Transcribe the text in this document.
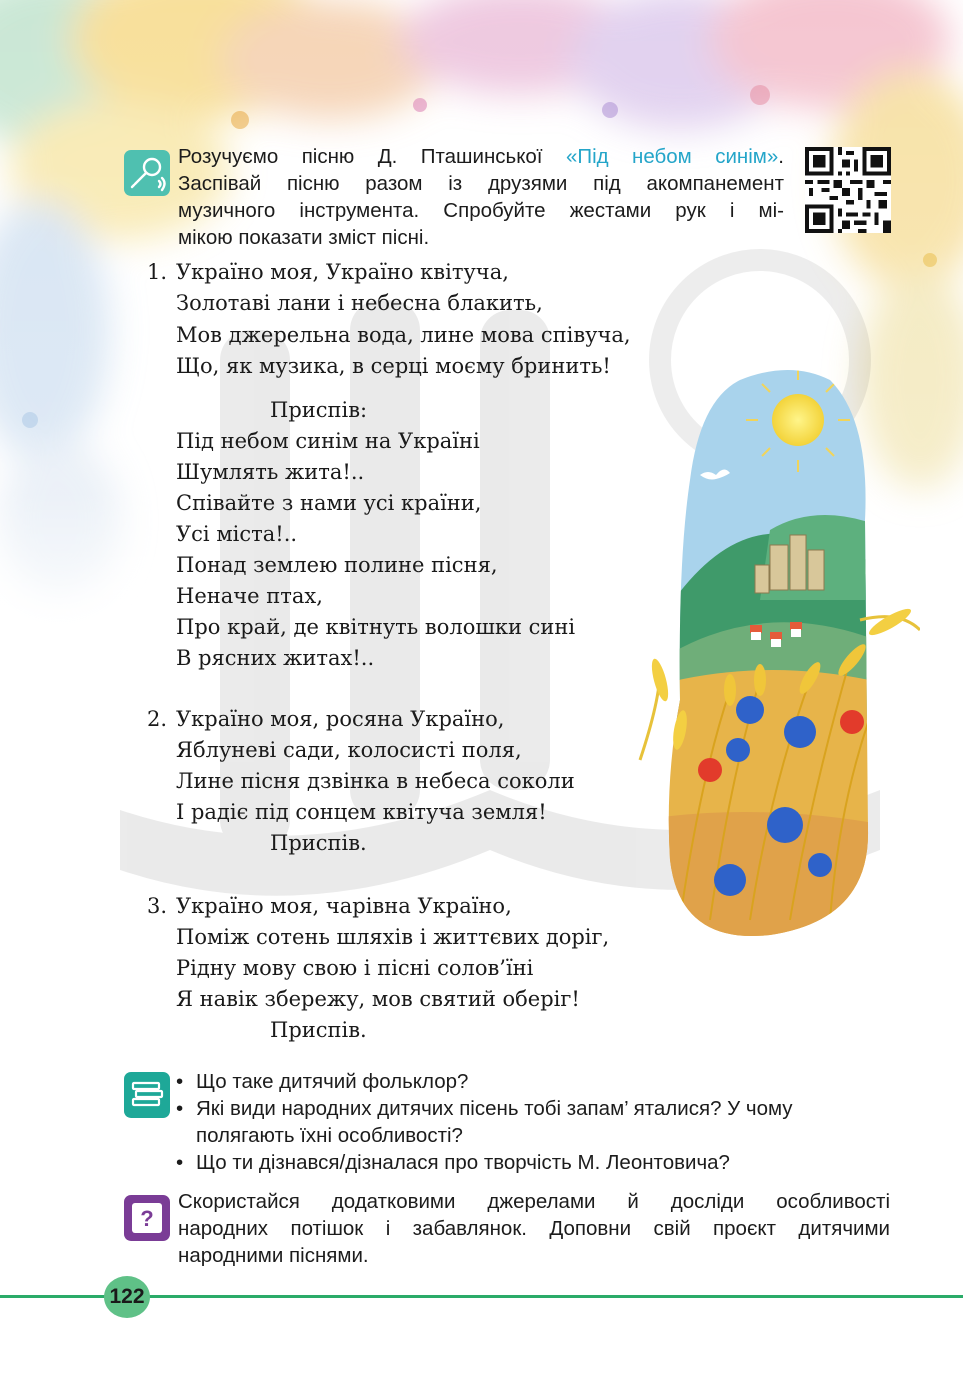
Розучуємо пісню Д. Пташинської «Під небом синім».
Заспівай пісню разом із друзями під акомпанемент
музичного інструмента. Спробуйте жестами рук і мі-
мікою показати зміст пісні.
1. Україно моя, Україно квітуча,
Золотаві лани і небесна блакить,
Мов джерельна вода, лине мова співуча,
Що, як музика, в серці моєму бринить!
Приспів:
Під небом синім на Україні
Шумлять жита!..
Співайте з нами усі країни,
Усі міста!..
Понад землею полине пісня,
Неначе птах,
Про край, де квітнуть волошки сині
В рясних житах!..
2. Україно моя, росяна Україно,
Яблуневі сади, колосисті поля,
Лине пісня дзвінка в небеса соколи
І радіє під сонцем квітуча земля!
Приспів.
3. Україно моя, чарівна Україно,
Поміж сотень шляхів і життєвих доріг,
Рідну мову свою і пісні солов’їні
Я навік збережу, мов святий оберіг!
Приспів.
• Що таке дитячий фольклор?
• Які види народних дитячих пісень тобі запам’ яталися? У чому полягають їхні особливості?
• Що ти дізнався/дізналася про творчість М. Леонтовича?
?
Скористайся додатковими джерелами й досліди особливості
народних потішок і забавлянок. Доповни свій проєкт дитячими
народними піснями.
122
